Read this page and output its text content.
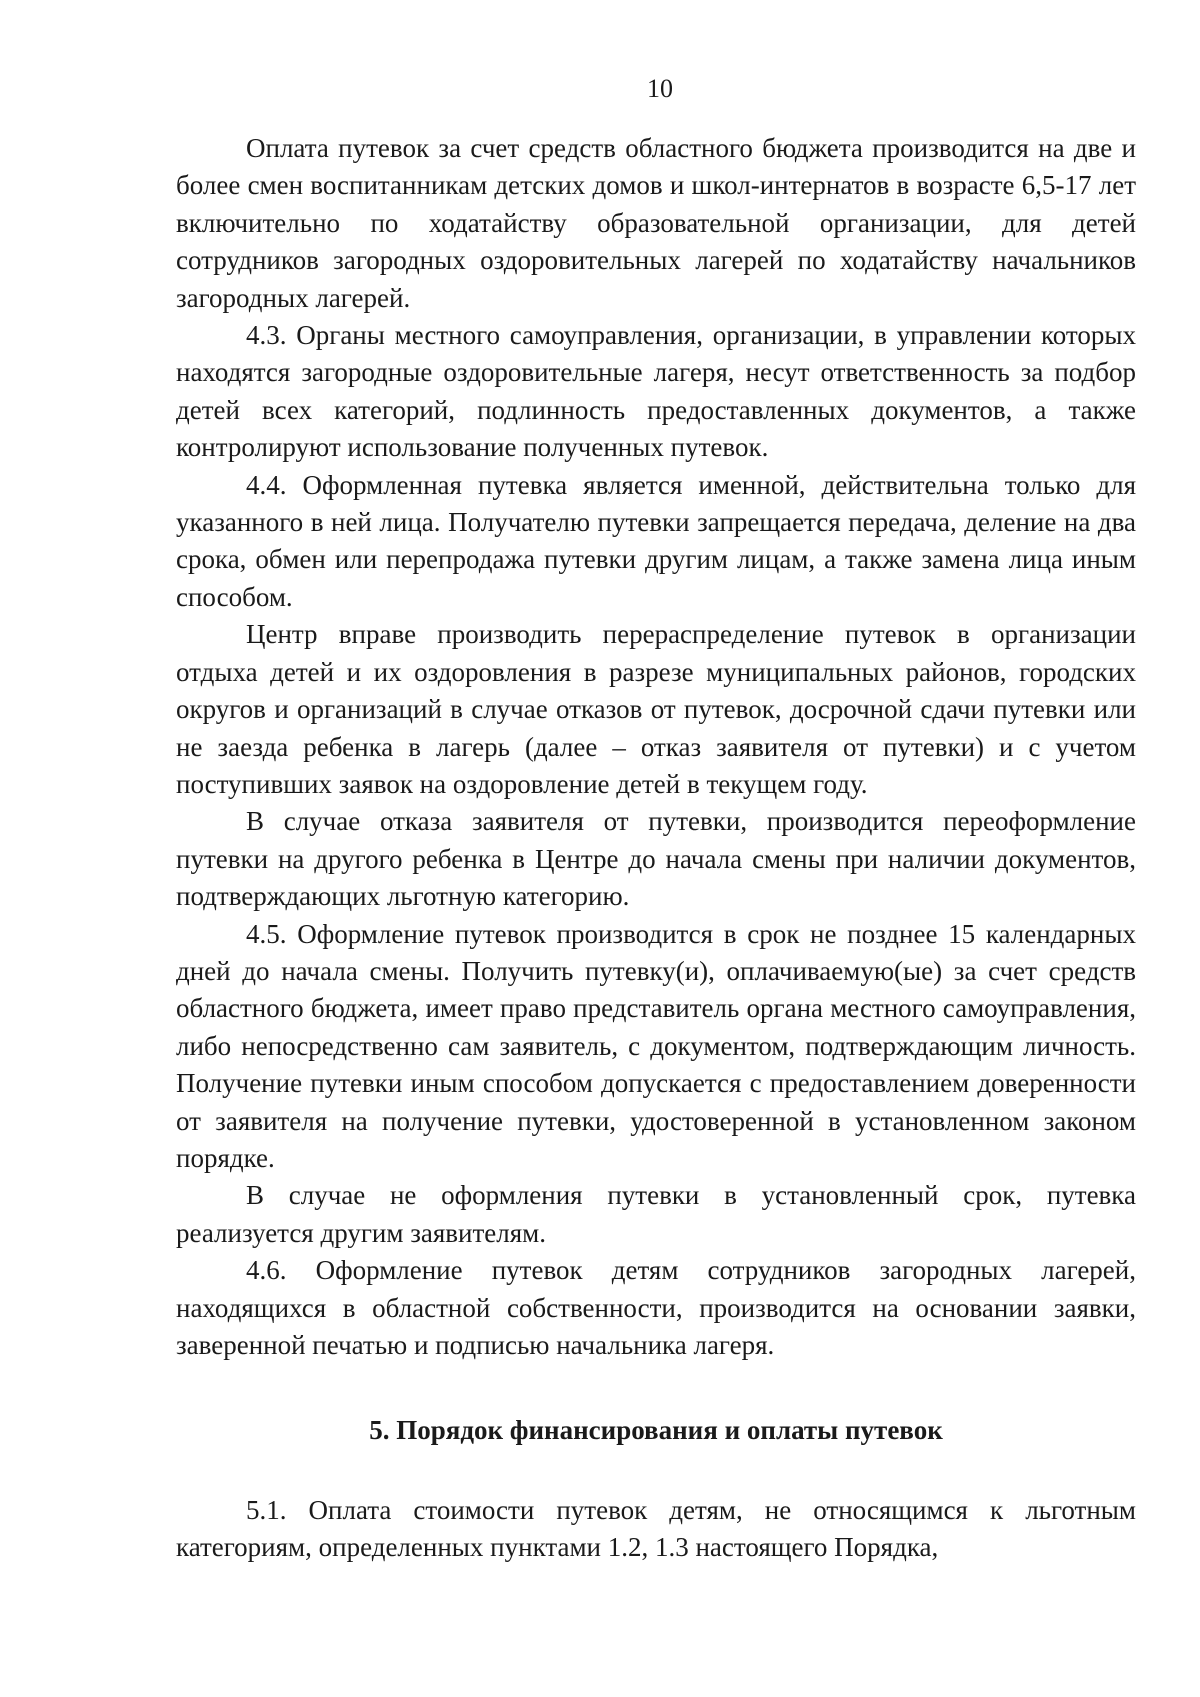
10

Оплата путевок за счет средств областного бюджета производится на две и более смен воспитанникам детских домов и школ-интернатов в возрасте 6,5-17 лет включительно по ходатайству образовательной организации, для детей сотрудников загородных оздоровительных лагерей по ходатайству начальников загородных лагерей.

4.3. Органы местного самоуправления, организации, в управлении которых находятся загородные оздоровительные лагеря, несут ответственность за подбор детей всех категорий, подлинность предоставленных документов, а также контролируют использование полученных путевок.

4.4. Оформленная путевка является именной, действительна только для указанного в ней лица. Получателю путевки запрещается передача, деление на два срока, обмен или перепродажа путевки другим лицам, а также замена лица иным способом.

Центр вправе производить перераспределение путевок в организации отдыха детей и их оздоровления в разрезе муниципальных районов, городских округов и организаций в случае отказов от путевок, досрочной сдачи путевки или не заезда ребенка в лагерь (далее – отказ заявителя от путевки) и с учетом поступивших заявок на оздоровление детей в текущем году.

В случае отказа заявителя от путевки, производится переоформление путевки на другого ребенка в Центре до начала смены при наличии документов, подтверждающих льготную категорию.

4.5. Оформление путевок производится в срок не позднее 15 календарных дней до начала смены. Получить путевку(и), оплачиваемую(ые) за счет средств областного бюджета, имеет право представитель органа местного самоуправления, либо непосредственно сам заявитель, с документом, подтверждающим личность. Получение путевки иным способом допускается с предоставлением доверенности от заявителя на получение путевки, удостоверенной в установленном законом порядке.

В случае не оформления путевки в установленный срок, путевка реализуется другим заявителям.

4.6. Оформление путевок детям сотрудников загородных лагерей, находящихся в областной собственности, производится на основании заявки, заверенной печатью и подписью начальника лагеря.

5. Порядок финансирования и оплаты путевок

5.1. Оплата стоимости путевок детям, не относящимся к льготным категориям, определенных пунктами 1.2, 1.3 настоящего Порядка,
